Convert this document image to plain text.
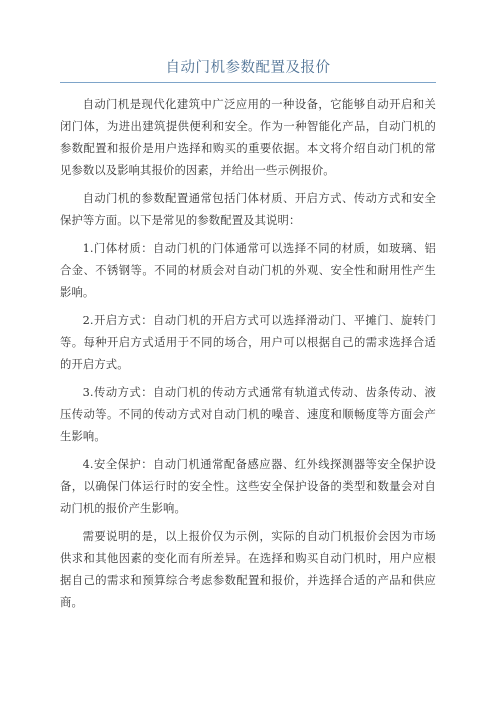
自动门机参数配置及报价

自动门机是现代化建筑中广泛应用的一种设备，它能够自动开启和关闭门体，为进出建筑提供便利和安全。作为一种智能化产品，自动门机的参数配置和报价是用户选择和购买的重要依据。本文将介绍自动门机的常见参数以及影响其报价的因素，并给出一些示例报价。

自动门机的参数配置通常包括门体材质、开启方式、传动方式和安全保护等方面。以下是常见的参数配置及其说明：

1.门体材质：自动门机的门体通常可以选择不同的材质，如玻璃、铝合金、不锈钢等。不同的材质会对自动门机的外观、安全性和耐用性产生影响。

2.开启方式：自动门机的开启方式可以选择滑动门、平摊门、旋转门等。每种开启方式适用于不同的场合，用户可以根据自己的需求选择合适的开启方式。

3.传动方式：自动门机的传动方式通常有轨道式传动、齿条传动、液压传动等。不同的传动方式对自动门机的噪音、速度和顺畅度等方面会产生影响。

4.安全保护：自动门机通常配备感应器、红外线探测器等安全保护设备，以确保门体运行时的安全性。这些安全保护设备的类型和数量会对自动门机的报价产生影响。

需要说明的是，以上报价仅为示例，实际的自动门机报价会因为市场供求和其他因素的变化而有所差异。在选择和购买自动门机时，用户应根据自己的需求和预算综合考虑参数配置和报价，并选择合适的产品和供应商。
